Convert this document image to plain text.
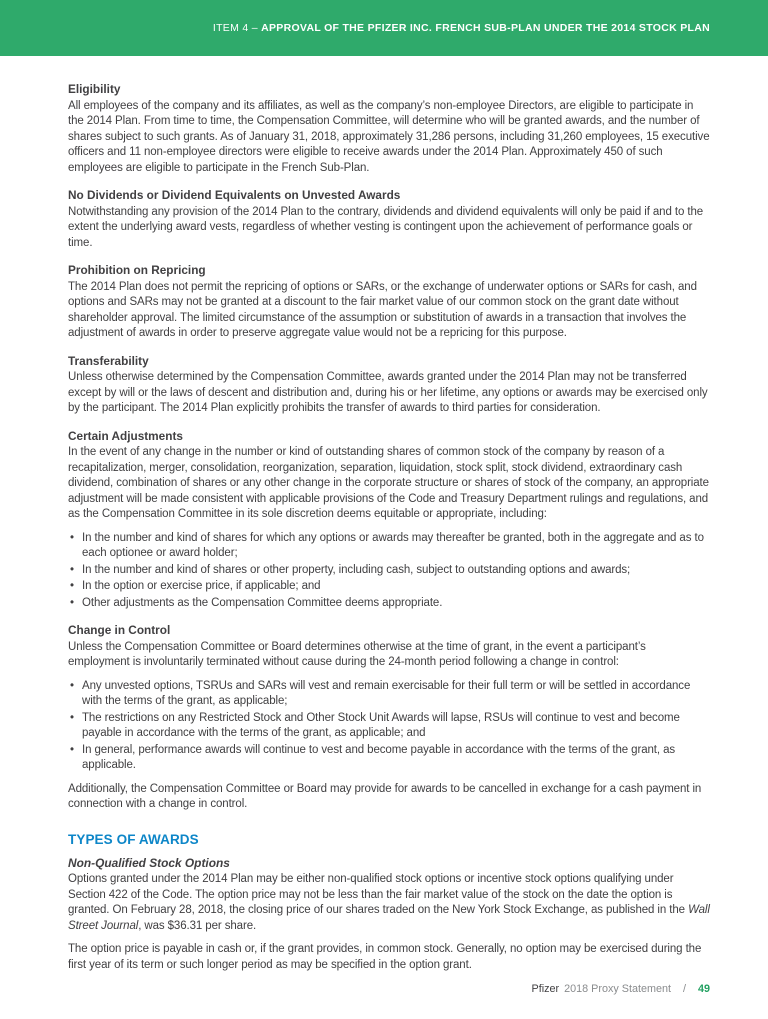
ITEM 4 – APPROVAL OF THE PFIZER INC. FRENCH SUB-PLAN UNDER THE 2014 STOCK PLAN
Eligibility

All employees of the company and its affiliates, as well as the company’s non-employee Directors, are eligible to participate in the 2014 Plan. From time to time, the Compensation Committee, will determine who will be granted awards, and the number of shares subject to such grants. As of January 31, 2018, approximately 31,286 persons, including 31,260 employees, 15 executive officers and 11 non-employee directors were eligible to receive awards under the 2014 Plan. Approximately 450 of such employees are eligible to participate in the French Sub-Plan.

No Dividends or Dividend Equivalents on Unvested Awards

Notwithstanding any provision of the 2014 Plan to the contrary, dividends and dividend equivalents will only be paid if and to the extent the underlying award vests, regardless of whether vesting is contingent upon the achievement of performance goals or time.

Prohibition on Repricing

The 2014 Plan does not permit the repricing of options or SARs, or the exchange of underwater options or SARs for cash, and options and SARs may not be granted at a discount to the fair market value of our common stock on the grant date without shareholder approval. The limited circumstance of the assumption or substitution of awards in a transaction that involves the adjustment of awards in order to preserve aggregate value would not be a repricing for this purpose.

Transferability

Unless otherwise determined by the Compensation Committee, awards granted under the 2014 Plan may not be transferred except by will or the laws of descent and distribution and, during his or her lifetime, any options or awards may be exercised only by the participant. The 2014 Plan explicitly prohibits the transfer of awards to third parties for consideration.

Certain Adjustments

In the event of any change in the number or kind of outstanding shares of common stock of the company by reason of a recapitalization, merger, consolidation, reorganization, separation, liquidation, stock split, stock dividend, extraordinary cash dividend, combination of shares or any other change in the corporate structure or shares of stock of the company, an appropriate adjustment will be made consistent with applicable provisions of the Code and Treasury Department rulings and regulations, and as the Compensation Committee in its sole discretion deems equitable or appropriate, including:

• In the number and kind of shares for which any options or awards may thereafter be granted, both in the aggregate and as to each optionee or award holder;
• In the number and kind of shares or other property, including cash, subject to outstanding options and awards;
• In the option or exercise price, if applicable; and
• Other adjustments as the Compensation Committee deems appropriate.
Change in Control

Unless the Compensation Committee or Board determines otherwise at the time of grant, in the event a participant’s employment is involuntarily terminated without cause during the 24-month period following a change in control:

• Any unvested options, TSRUs and SARs will vest and remain exercisable for their full term or will be settled in accordance with the terms of the grant, as applicable;
• The restrictions on any Restricted Stock and Other Stock Unit Awards will lapse, RSUs will continue to vest and become payable in accordance with the terms of the grant, as applicable; and
• In general, performance awards will continue to vest and become payable in accordance with the terms of the grant, as applicable.

Additionally, the Compensation Committee or Board may provide for awards to be cancelled in exchange for a cash payment in connection with a change in control.

TYPES OF AWARDS
Non-Qualified Stock Options

Options granted under the 2014 Plan may be either non-qualified stock options or incentive stock options qualifying under Section 422 of the Code. The option price may not be less than the fair market value of the stock on the date the option is granted. On February 28, 2018, the closing price of our shares traded on the New York Stock Exchange, as published in the Wall Street Journal, was $36.31 per share.

The option price is payable in cash or, if the grant provides, in common stock. Generally, no option may be exercised during the first year of its term or such longer period as may be specified in the option grant.

Pfizer 2018 Proxy Statement	/	49
